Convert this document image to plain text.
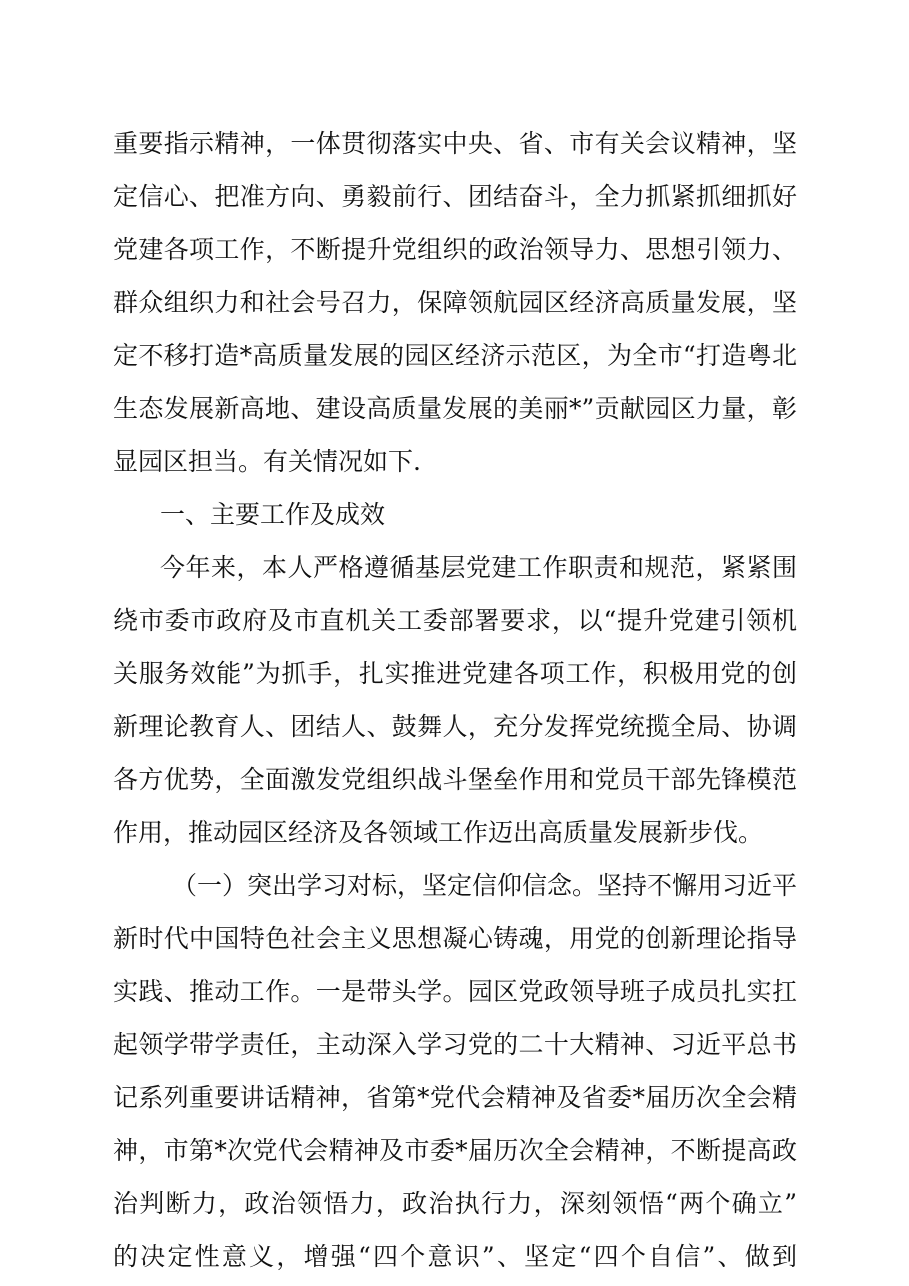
重要指示精神，一体贯彻落实中央、省、市有关会议精神，坚
定信心、把准方向、勇毅前行、团结奋斗，全力抓紧抓细抓好
党建各项工作，不断提升党组织的政治领导力、思想引领力、
群众组织力和社会号召力，保障领航园区经济高质量发展，坚
定不移打造*高质量发展的园区经济示范区，为全市“打造粤北
生态发展新高地、建设高质量发展的美丽*”贡献园区力量，彰
显园区担当。有关情况如下.
一、主要工作及成效
今年来，本人严格遵循基层党建工作职责和规范，紧紧围
绕市委市政府及市直机关工委部署要求，以“提升党建引领机
关服务效能”为抓手，扎实推进党建各项工作，积极用党的创
新理论教育人、团结人、鼓舞人，充分发挥党统揽全局、协调
各方优势，全面激发党组织战斗堡垒作用和党员干部先锋模范
作用，推动园区经济及各领域工作迈出高质量发展新步伐。
（一）突出学习对标，坚定信仰信念。坚持不懈用习近平
新时代中国特色社会主义思想凝心铸魂，用党的创新理论指导
实践、推动工作。一是带头学。园区党政领导班子成员扎实扛
起领学带学责任，主动深入学习党的二十大精神、习近平总书
记系列重要讲话精神，省第*党代会精神及省委*届历次全会精
神，市第*次党代会精神及市委*届历次全会精神，不断提高政
治判断力，政治领悟力，政治执行力，深刻领悟“两个确立”
的决定性意义，增强“四个意识”、坚定“四个自信”、做到
